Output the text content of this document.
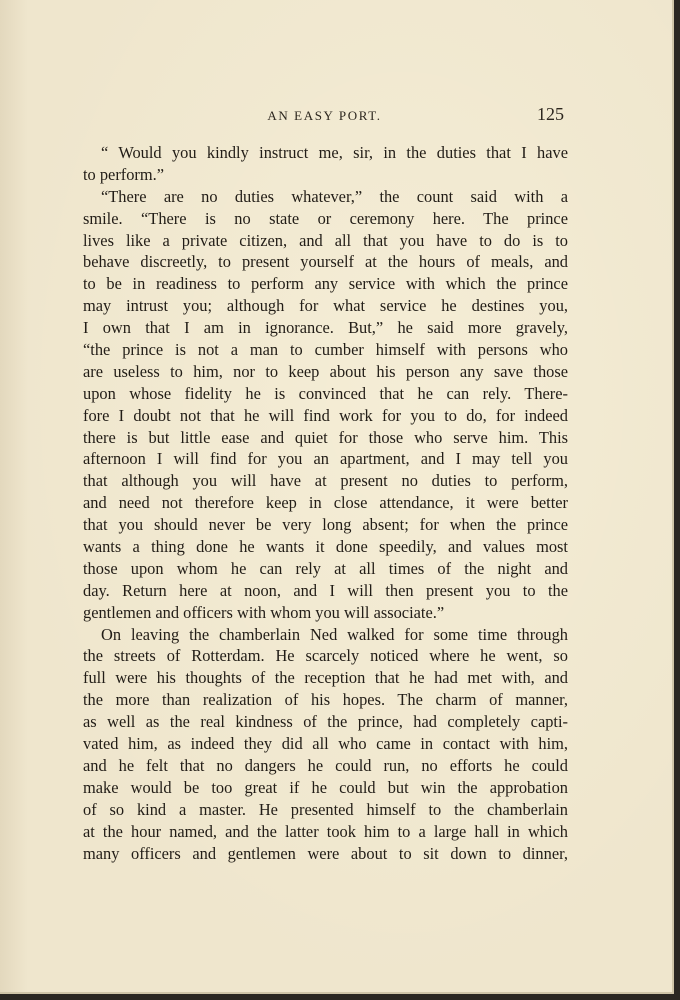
AN EASY PORT.	125
“ Would you kindly instruct me, sir, in the duties that I have
to perform.”
“There are no duties whatever,” the count said with a
smile. “There is no state or ceremony here. The prince
lives like a private citizen, and all that you have to do is to
behave discreetly, to present yourself at the hours of meals, and
to be in readiness to perform any service with which the prince
may intrust you; although for what service he destines you,
I own that I am in ignorance. But,” he said more gravely,
“the prince is not a man to cumber himself with persons who
are useless to him, nor to keep about his person any save those
upon whose fidelity he is convinced that he can rely. There-
fore I doubt not that he will find work for you to do, for indeed
there is but little ease and quiet for those who serve him. This
afternoon I will find for you an apartment, and I may tell you
that although you will have at present no duties to perform,
and need not therefore keep in close attendance, it were better
that you should never be very long absent; for when the prince
wants a thing done he wants it done speedily, and values most
those upon whom he can rely at all times of the night and
day. Return here at noon, and I will then present you to the
gentlemen and officers with whom you will associate.”
On leaving the chamberlain Ned walked for some time through
the streets of Rotterdam. He scarcely noticed where he went, so
full were his thoughts of the reception that he had met with, and
the more than realization of his hopes. The charm of manner,
as well as the real kindness of the prince, had completely capti-
vated him, as indeed they did all who came in contact with him,
and he felt that no dangers he could run, no efforts he could
make would be too great if he could but win the approbation
of so kind a master. He presented himself to the chamberlain
at the hour named, and the latter took him to a large hall in which
many officers and gentlemen were about to sit down to dinner,
